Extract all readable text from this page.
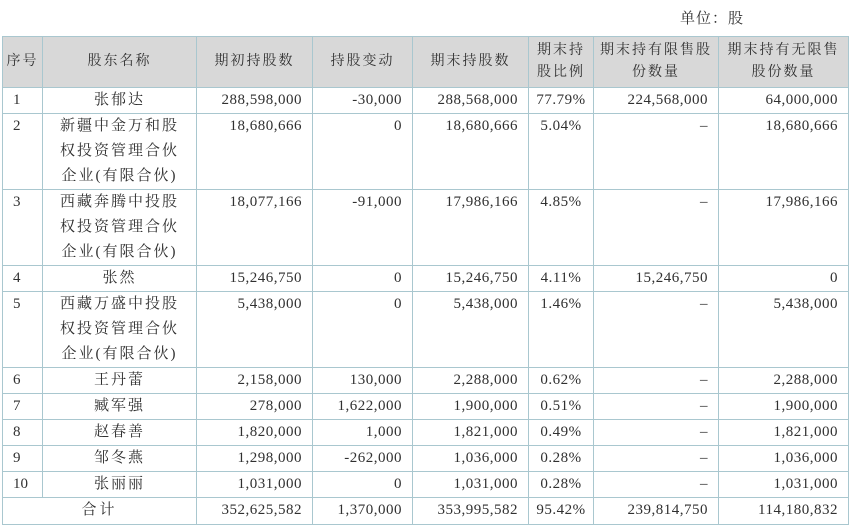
单位：股
序号	股东名称	期初持股数	持股变动	期末持股数	期末持股比例	期末持有限售股份数量	期末持有无限售股份数量
1	张郁达	288,598,000	-30,000	288,568,000	77.79%	224,568,000	64,000,000
2	新疆中金万和股权投资管理合伙企业(有限合伙)	18,680,666	0	18,680,666	5.04%	–	18,680,666
3	西藏奔腾中投股权投资管理合伙企业(有限合伙)	18,077,166	-91,000	17,986,166	4.85%	–	17,986,166
4	张然	15,246,750	0	15,246,750	4.11%	15,246,750	0
5	西藏万盛中投股权投资管理合伙企业(有限合伙)	5,438,000	0	5,438,000	1.46%	–	5,438,000
6	王丹蕾	2,158,000	130,000	2,288,000	0.62%	–	2,288,000
7	臧军强	278,000	1,622,000	1,900,000	0.51%	–	1,900,000
8	赵春善	1,820,000	1,000	1,821,000	0.49%	–	1,821,000
9	邹冬燕	1,298,000	-262,000	1,036,000	0.28%	–	1,036,000
10	张丽丽	1,031,000	0	1,031,000	0.28%	–	1,031,000
合计		352,625,582	1,370,000	353,995,582	95.42%	239,814,750	114,180,832
